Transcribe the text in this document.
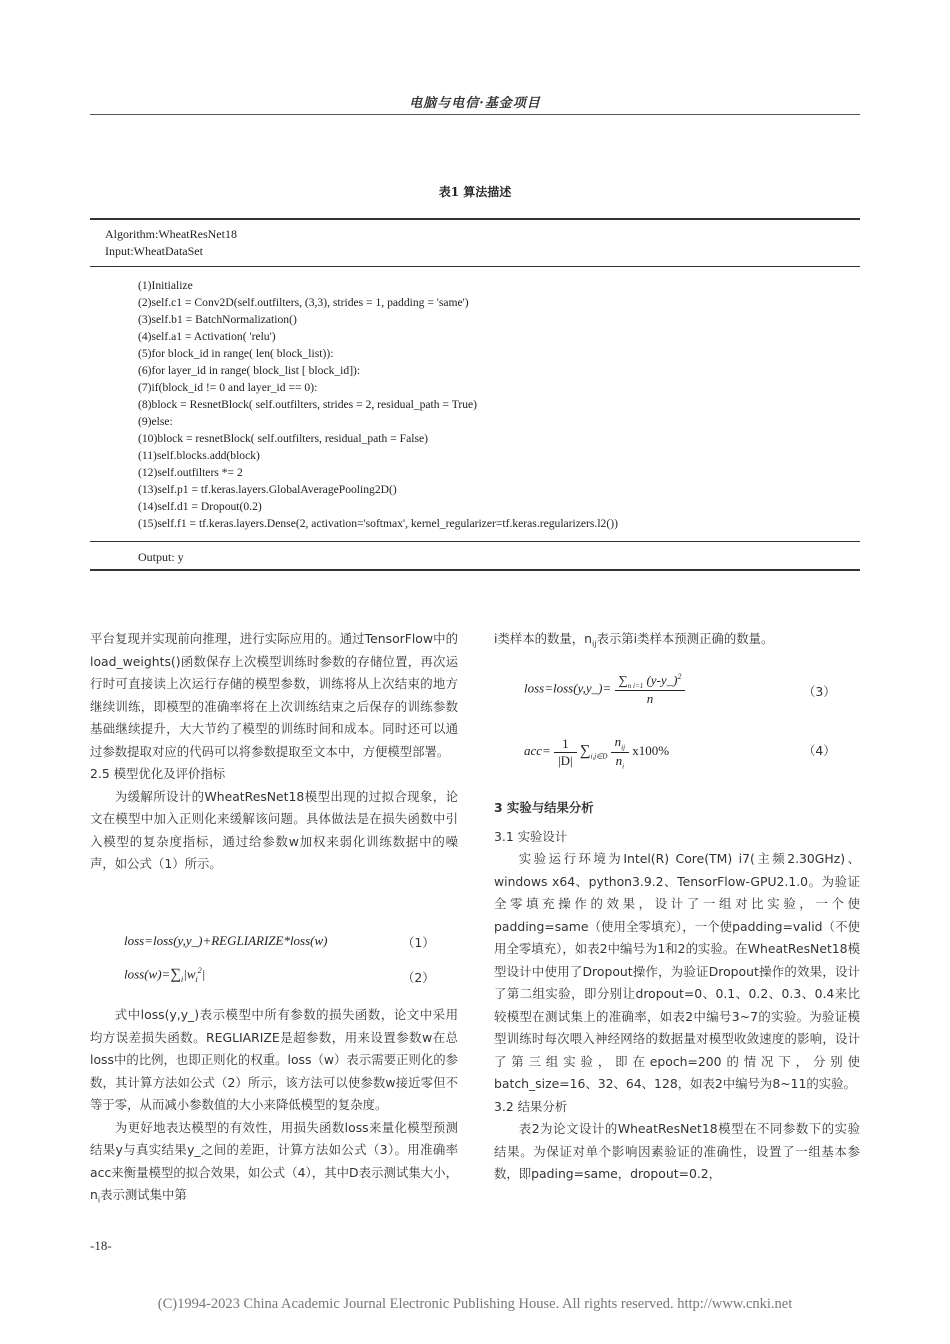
电脑与电信·基金项目
表1 算法描述
Algorithm:WheatResNet18
Input:WheatDataSet
(1)Initialize
(2)self.c1 = Conv2D(self.outfilters, (3,3), strides = 1, padding = 'same')
(3)self.b1 = BatchNormalization()
(4)self.a1 = Activation( 'relu')
(5)for block_id in range( len( block_list)):
(6)for layer_id in range( block_list [ block_id]):
(7)if(block_id != 0 and layer_id == 0):
(8)block = ResnetBlock( self.outfilters, strides = 2, residual_path = True)
(9)else:
(10)block = resnetBlock( self.outfilters, residual_path = False)
(11)self.blocks.add(block)
(12)self.outfilters *= 2
(13)self.p1 = tf.keras.layers.GlobalAveragePooling2D()
(14)self.d1 = Dropout(0.2)
(15)self.f1 = tf.keras.layers.Dense(2, activation='softmax', kernel_regularizer=tf.keras.regularizers.l2())
Output: y

平台复现并实现前向推理，进行实际应用的。通过TensorFlow中的load_weights()函数保存上次模型训练时参数的存储位置，再次运行时可直接读上次运行存储的模型参数，训练将从上次结束的地方继续训练，即模型的准确率将在上次训练结束之后保存的训练参数基础继续提升，大大节约了模型的训练时间和成本。同时还可以通过参数提取对应的代码可以将参数提取至文本中，方便模型部署。

2.5 模型优化及评价指标

为缓解所设计的WheatResNet18模型出现的过拟合现象，论文在模型中加入正则化来缓解该问题。具体做法是在损失函数中引入模型的复杂度指标，通过给参数w加权来弱化训练数据中的噪声，如公式（1）所示。

loss=loss(y,y_)+REGLIARIZE*loss(w)	（1）
$loss(w)=\sum_i|w_i^2|$	（2）

式中loss(y,y_)表示模型中所有参数的损失函数，论文中采用均方误差损失函数。REGLIARIZE是超参数，用来设置参数w在总loss中的比例，也即正则化的权重。loss（w）表示需要正则化的参数，其计算方法如公式（2）所示，该方法可以使参数w接近零但不等于零，从而减小参数值的大小来降低模型的复杂度。

为更好地表达模型的有效性，用损失函数loss来量化模型预测结果y与真实结果y_之间的差距，计算方法如公式（3）。用准确率acc来衡量模型的拟合效果，如公式（4），其中D表示测试集大小，$n_i$表示测试集中第

-18-

i类样本的数量，$n_{ij}$表示第i类样本预测正确的数量。

loss=loss(y,y_)= $\frac{\sum_{n i=1} (y-y\_)^2}{n}$	（3）
$acc= \frac{1}{|D|} \sum_{i,j\in D} \frac{n_{ij}}{n_i} x100\%$	（4）
3 实验与结果分析
3.1 实验设计

实验运行环境为Intel(R) Core(TM) i7(主频2.30GHz)、windows x64、python3.9.2、TensorFlow-GPU2.1.0。为验证全零填充操作的效果，设计了一组对比实验，一个使padding=same（使用全零填充），一个使padding=valid（不使用全零填充），如表2中编号为1和2的实验。在WheatResNet18模型设计中使用了Dropout操作，为验证Dropout操作的效果，设计了第二组实验，即分别让dropout=0、0.1、0.2、0.3、0.4来比较模型在测试集上的准确率，如表2中编号3~7的实验。为验证模型训练时每次喂入神经网络的数据量对模型收敛速度的影响，设计了第三组实验，即在epoch=200的情况下，分别使batch_size=16、32、64、128，如表2中编号为8~11的实验。

3.2 结果分析

表2为论文设计的WheatResNet18模型在不同参数下的实验结果。为保证对单个影响因素验证的准确性，设置了一组基本参数，即pading=same，dropout=0.2，

(C)1994-2023 China Academic Journal Electronic Publishing House. All rights reserved. http://www.cnki.net
